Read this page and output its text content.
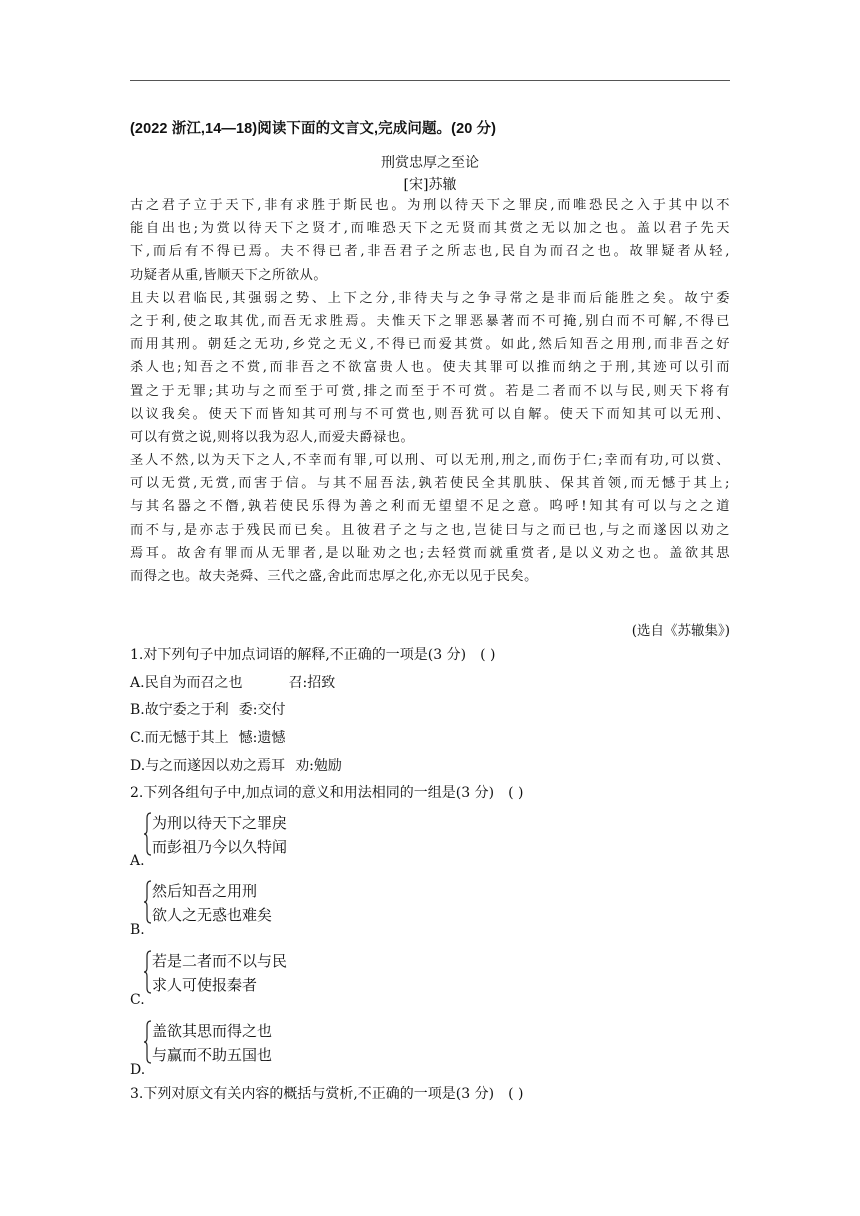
(2022 浙江,14—18)阅读下面的文言文,完成问题。(20 分)
刑赏忠厚之至论
[宋]苏辙
古之君子立于天下,非有求胜于斯民也。为刑以待天下之罪戾,而唯恐民之入于其中以不
能自出也;为赏以待天下之贤才,而唯恐天下之无贤而其赏之无以加之也。盖以君子先天
下,而后有不得已焉。夫不得已者,非吾君子之所志也,民自为而召之也。故罪疑者从轻,
功疑者从重,皆顺天下之所欲从。
且夫以君临民,其强弱之势、上下之分,非待夫与之争寻常之是非而后能胜之矣。故宁委
之于利,使之取其优,而吾无求胜焉。夫惟天下之罪恶暴著而不可掩,别白而不可解,不得已
而用其刑。朝廷之无功,乡党之无义,不得已而爱其赏。如此,然后知吾之用刑,而非吾之好
杀人也;知吾之不赏,而非吾之不欲富贵人也。使夫其罪可以推而纳之于刑,其迹可以引而
置之于无罪;其功与之而至于可赏,排之而至于不可赏。若是二者而不以与民,则天下将有
以议我矣。使天下而皆知其可刑与不可赏也,则吾犹可以自解。使天下而知其可以无刑、
可以有赏之说,则将以我为忍人,而爱夫爵禄也。
圣人不然,以为天下之人,不幸而有罪,可以刑、可以无刑,刑之,而伤于仁;幸而有功,可以赏、
可以无赏,无赏,而害于信。与其不屈吾法,孰若使民全其肌肤、保其首领,而无憾于其上;
与其名器之不僭,孰若使民乐得为善之利而无望望不足之意。呜呼!知其有可以与之之道
而不与,是亦志于残民而已矣。且彼君子之与之也,岂徒曰与之而已也,与之而遂因以劝之
焉耳。故舍有罪而从无罪者,是以耻劝之也;去轻赏而就重赏者,是以义劝之也。盖欲其思
而得之也。故夫尧舜、三代之盛,舍此而忠厚之化,亦无以见于民矣。
(选自《苏辙集》)
1.对下列句子中加点词语的解释,不正确的一项是(3 分) ( )
A.民自为而召之也	召:招致
B.故宁委之于利 委:交付
C.而无憾于其上 憾:遗憾
D.与之而遂因以劝之焉耳 劝:勉励
2.下列各组句子中,加点词的意义和用法相同的一组是(3 分) ( )
为刑以待天下之罪戾
而彭祖乃今以久特闻
A.
然后知吾之用刑
欲人之无惑也难矣
B.
若是二者而不以与民
求人可使报秦者
C.
盖欲其思而得之也
与赢而不助五国也
D.
3.下列对原文有关内容的概括与赏析,不正确的一项是(3 分) ( )
